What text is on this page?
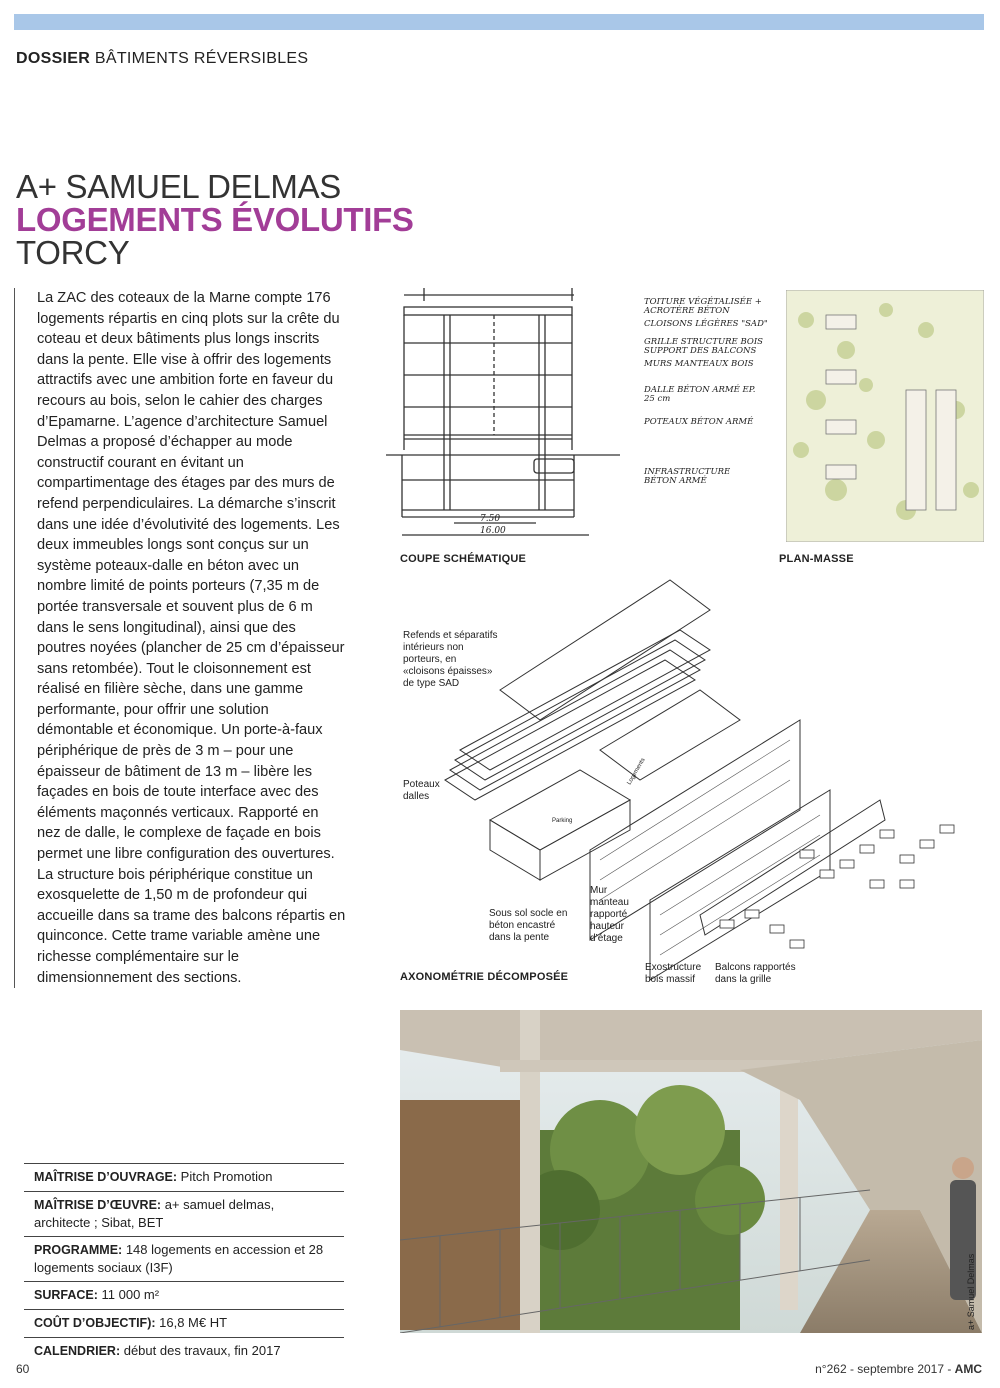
DOSSIER BÂTIMENTS RÉVERSIBLES
A+ SAMUEL DELMAS
LOGEMENTS ÉVOLUTIFS
TORCY
La ZAC des coteaux de la Marne compte 176 logements répartis en cinq plots sur la crête du coteau et deux bâtiments plus longs inscrits dans la pente. Elle vise à offrir des logements attractifs avec une ambition forte en faveur du recours au bois, selon le cahier des charges d’Epamarne. L’agence d’architecture Samuel Delmas a proposé d’échapper au mode constructif courant en évitant un compartimentage des étages par des murs de refend perpendiculaires. La démarche s’inscrit dans une idée d’évolutivité des logements. Les deux immeubles longs sont conçus sur un système poteaux-dalle en béton avec un nombre limité de points porteurs (7,35 m de portée transversale et souvent plus de 6 m dans le sens longitudinal), ainsi que des poutres noyées (plancher de 25 cm d’épaisseur sans retombée). Tout le cloisonnement est réalisé en filière sèche, dans une gamme performante, pour offrir une solution démontable et économique. Un porte-à-faux périphérique de près de 3 m – pour une épaisseur de bâtiment de 13 m – libère les façades en bois de toute interface avec des éléments maçonnés verticaux. Rapporté en nez de dalle, le complexe de façade en bois permet une libre configuration des ouvertures. La structure bois périphérique constitue un exosquelette de 1,50 m de profondeur qui accueille dans sa trame des balcons répartis en quinconce. Cette trame variable amène une richesse complémentaire sur le dimensionnement des sections.
MAÎTRISE D’OUVRAGE: Pitch Promotion
MAÎTRISE D’ŒUVRE: a+ samuel delmas, architecte ; Sibat, BET
PROGRAMME: 148 logements en accession et 28 logements sociaux (I3F)
SURFACE: 11 000 m²
COÛT D’OBJECTIF): 16,8 M€ HT
CALENDRIER: début des travaux, fin 2017
7.50
16.00
TOITURE VÉGÉTALISÉE + ACROTÈRE BÉTON
CLOISONS LÉGÈRES "SAD"
GRILLE STRUCTURE BOIS SUPPORT DES BALCONS
MURS MANTEAUX BOIS
DALLE BÉTON ARMÉ EP. 25 cm
POTEAUX BÉTON ARMÉ
INFRASTRUCTURE BÉTON ARMÉ
COUPE SCHÉMATIQUE	PLAN-MASSE
Parking
Logements
Refends et séparatifs intérieurs non porteurs, en «cloisons épaisses» de type SAD
Poteaux dalles
Sous sol socle en béton encastré dans la pente
Mur manteau rapporté hauteur d’étage
Exostructure bois massif
Balcons rapportés dans la grille
AXONOMÉTRIE DÉCOMPOSÉE
a+ Samuel Delmas
60	n°262 - septembre 2017 - AMC
